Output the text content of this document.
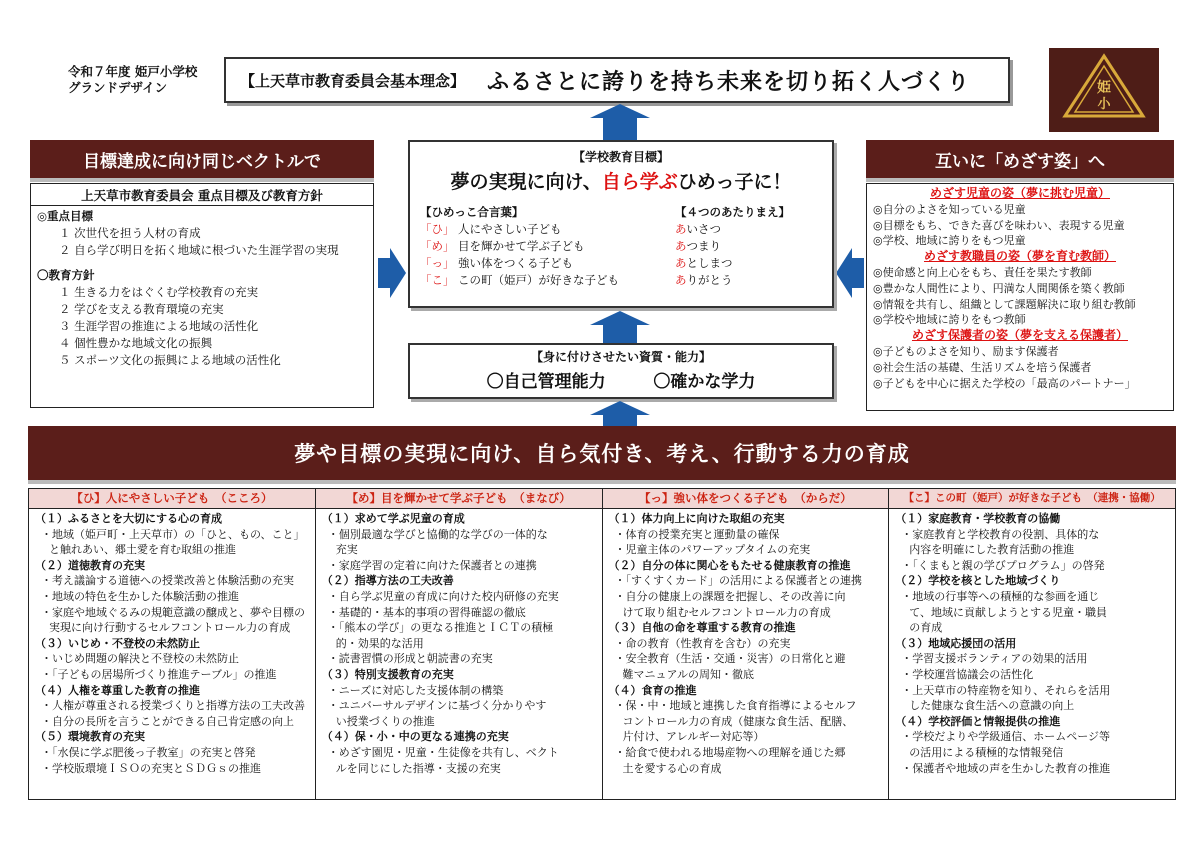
令和７年度 姫戸小学校
グランドデザイン	【上天草市教育委員会基本理念】 ふるさとに誇りを持ち未来を切り拓く人づくり	姫
小
目標達成に向け同じベクトルで	互いに「めざす姿」へ
上天草市教育委員会 重点目標及び教育方針
◎重点目標
１ 次世代を担う人材の育成
２ 自ら学び明日を拓く地域に根づいた生涯学習の実現
〇教育方針
１ 生きる力をはぐくむ学校教育の充実
２ 学びを支える教育環境の充実
３ 生涯学習の推進による地域の活性化
４ 個性豊かな地域文化の振興
５ スポーツ文化の振興による地域の活性化
【学校教育目標】
夢の実現に向け、自ら学ぶひめっ子に！
【ひめっこ合言葉】
「ひ」 人にやさしい子ども
「め」 目を輝かせて学ぶ子ども
「っ」 強い体をつくる子ども
「こ」 この町（姫戸）が好きな子ども
【４つのあたりまえ】
あいさつ
あつまり
あとしまつ
ありがとう
【身に付けさせたい資質・能力】
〇自己管理能力	〇確かな学力
めざす児童の姿（夢に挑む児童）
◎自分のよさを知っている児童
◎目標をもち、できた喜びを味わい、表現する児童
◎学校、地域に誇りをもつ児童
めざす教職員の姿（夢を育む教師）
◎使命感と向上心をもち、責任を果たす教師
◎豊かな人間性により、円満な人間関係を築く教師
◎情報を共有し、組織として課題解決に取り組む教師
◎学校や地域に誇りをもつ教師
めざす保護者の姿（夢を支える保護者）
◎子どものよさを知り、励ます保護者
◎社会生活の基礎、生活リズムを培う保護者
◎子どもを中心に据えた学校の「最高のパートナー」
夢や目標の実現に向け、自ら気付き、考え、行動する力の育成
【ひ】人にやさしい子ども　（こころ）
（１）ふるさとを大切にする心の育成
・地域（姫戸町・上天草市）の「ひと、もの、こと」
と触れあい、郷土愛を育む取組の推進
（２）道徳教育の充実
・考え議論する道徳への授業改善と体験活動の充実
・地域の特色を生かした体験活動の推進
・家庭や地域ぐるみの規範意識の醸成と、夢や目標の
実現に向け行動するセルフコントロール力の育成
（３）いじめ・不登校の未然防止
・いじめ問題の解決と不登校の未然防止
・「子どもの居場所づくり推進テーブル」の推進
（４）人権を尊重した教育の推進
・人権が尊重される授業づくりと指導方法の工夫改善
・自分の長所を言うことができる自己肯定感の向上
（５）環境教育の充実
・「水俣に学ぶ肥後っ子教室」の充実と啓発
・学校版環境ＩＳＯの充実とＳＤＧｓの推進
【め】目を輝かせて学ぶ子ども　（まなび）
（１）求めて学ぶ児童の育成
・個別最適な学びと協働的な学びの一体的な
充実
・家庭学習の定着に向けた保護者との連携
（２）指導方法の工夫改善
・自ら学ぶ児童の育成に向けた校内研修の充実
・基礎的・基本的事項の習得確認の徹底
・「熊本の学び」の更なる推進とＩＣＴの積極
的・効果的な活用
・読書習慣の形成と朝読書の充実
（３）特別支援教育の充実
・ニーズに対応した支援体制の構築
・ユニバーサルデザインに基づく分かりやす
い授業づくりの推進
（４）保・小・中の更なる連携の充実
・めざす園児・児童・生徒像を共有し、ベクト
ルを同じにした指導・支援の充実
【っ】強い体をつくる子ども　（からだ）
（１）体力向上に向けた取組の充実
・体育の授業充実と運動量の確保
・児童主体のパワーアップタイムの充実
（２）自分の体に関心をもたせる健康教育の推進
・「すくすくカード」の活用による保護者との連携
・自分の健康上の課題を把握し、その改善に向
けて取り組むセルフコントロール力の育成
（３）自他の命を尊重する教育の推進
・命の教育（性教育を含む）の充実
・安全教育（生活・交通・災害）の日常化と避
難マニュアルの周知・徹底
（４）食育の推進
・保・中・地域と連携した食育指導によるセルフ
コントロール力の育成（健康な食生活、配膳、
片付け、アレルギー対応等）
・給食で使われる地場産物への理解を通じた郷
土を愛する心の育成
【こ】この町（姫戸）が好きな子ども　（連携・協働）
（１）家庭教育・学校教育の協働
・家庭教育と学校教育の役割、具体的な
内容を明確にした教育活動の推進
・「くまもと親の学びプログラム」の啓発
（２）学校を核とした地域づくり
・地域の行事等への積極的な参画を通じ
て、地域に貢献しようとする児童・職員
の育成
（３）地域応援団の活用
・学習支援ボランティアの効果的活用
・学校運営協議会の活性化
・上天草市の特産物を知り、それらを活用
した健康な食生活への意識の向上
（４）学校評価と情報提供の推進
・学校だよりや学級通信、ホームページ等
の活用による積極的な情報発信
・保護者や地域の声を生かした教育の推進
